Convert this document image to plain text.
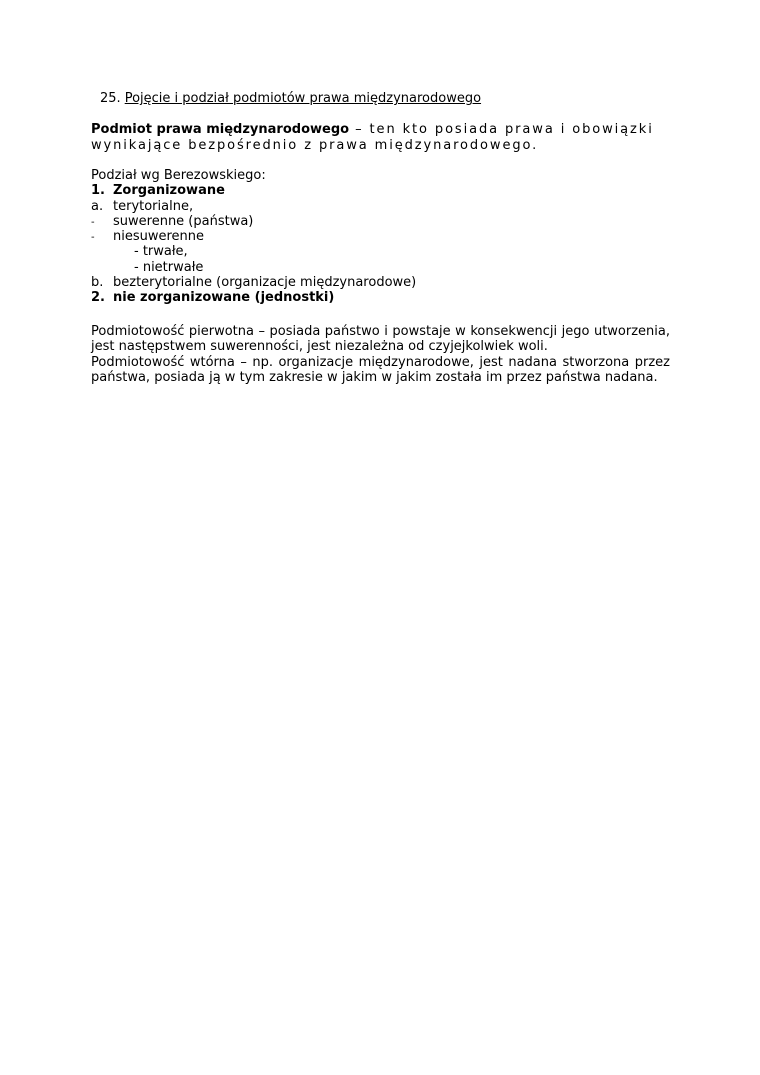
25. Pojęcie i podział podmiotów prawa międzynarodowego
Podmiot prawa międzynarodowego – ten kto posiada prawa i obowiązki wynikające bezpośrednio z prawa międzynarodowego.
Podział wg Berezowskiego:
1. Zorganizowane
a. terytorialne,
- suwerenne (państwa)
- niesuwerenne
- trwałe,
- nietrwałe
b. bezterytorialne (organizacje międzynarodowe)
2. nie zorganizowane (jednostki)

Podmiotowość pierwotna – posiada państwo i powstaje w konsekwencji jego utworzenia, jest następstwem suwerenności, jest niezależna od czyjejkolwiek woli.

Podmiotowość wtórna – np. organizacje międzynarodowe, jest nadana stworzona przez państwa, posiada ją w tym zakresie w jakim w jakim została im przez państwa nadana.
